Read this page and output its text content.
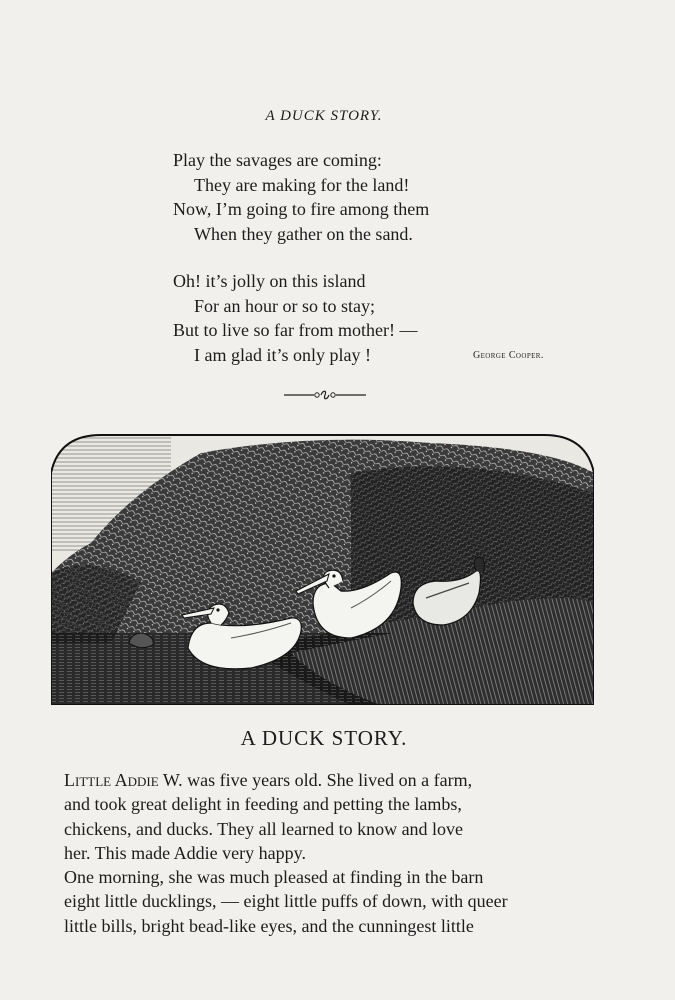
A DUCK STORY.
Play the savages are coming:
They are making for the land!
Now, I’m going to fire among them
When they gather on the sand.
Oh! it’s jolly on this island
For an hour or so to stay;
But to live so far from mother! —
I am glad it’s only play !	George Cooper.
A DUCK STORY.
Little Addie W. was five years old. She lived on a farm,
and took great delight in feeding and petting the lambs,
chickens, and ducks. They all learned to know and love
her. This made Addie very happy.
One morning, she was much pleased at finding in the barn
eight little ducklings, — eight little puffs of down, with queer
little bills, bright bead-like eyes, and the cunningest little
